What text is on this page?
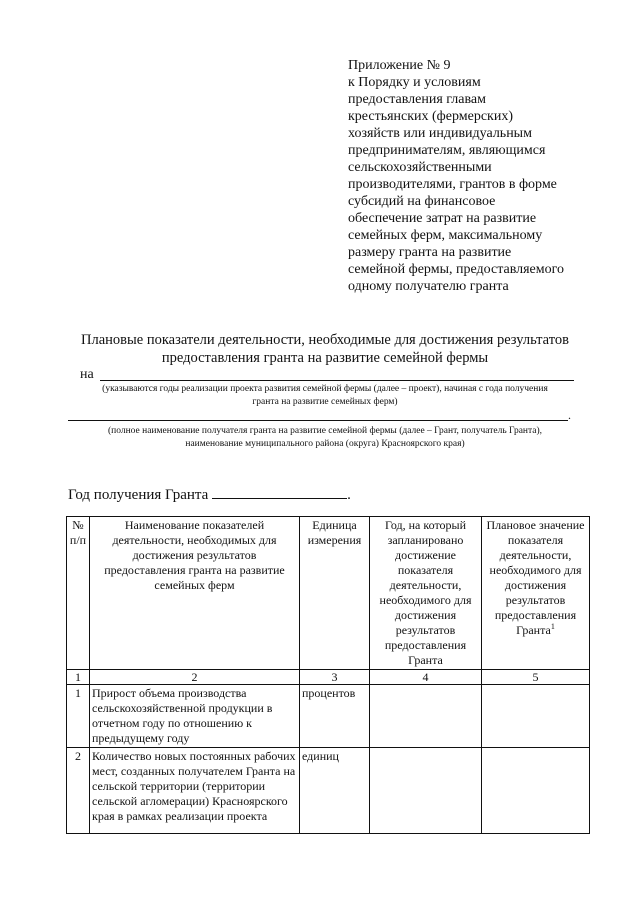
Приложение № 9
к Порядку и условиям
предоставления главам
крестьянских (фермерских)
хозяйств или индивидуальным
предпринимателям, являющимся
сельскохозяйственными
производителями, грантов в форме
субсидий на финансовое
обеспечение затрат на развитие
семейных ферм, максимальному
размеру гранта на развитие
семейной фермы, предоставляемого
одному получателю гранта
Плановые показатели деятельности, необходимые для достижения результатов
предоставления гранта на развитие семейной фермы
на
(указываются годы реализации проекта развития семейной фермы (далее – проект), начиная с года получения
гранта на развитие семейных ферм)
.
(полное наименование получателя гранта на развитие семейной фермы (далее – Грант, получатель Гранта),
наименование муниципального района (округа) Красноярского края)
Год получения Гранта	.
№ п/п	Наименование показателей деятельности, необходимых для достижения результатов предоставления гранта на развитие семейных ферм	Единица измерения	Год, на который запланировано достижение показателя деятельности, необходимого для достижения результатов предоставления Гранта	Плановое значение показателя деятельности, необходимого для достижения результатов предоставления Гранта$^1$
1	2	3	4	5
1	Прирост объема производства сельскохозяйственной продукции в отчетном году по отношению к предыдущему году	процентов		
2	Количество новых постоянных рабочих мест, созданных получателем Гранта на сельской территории (территории сельской агломерации) Красноярского края в рамках реализации проекта	единиц		
